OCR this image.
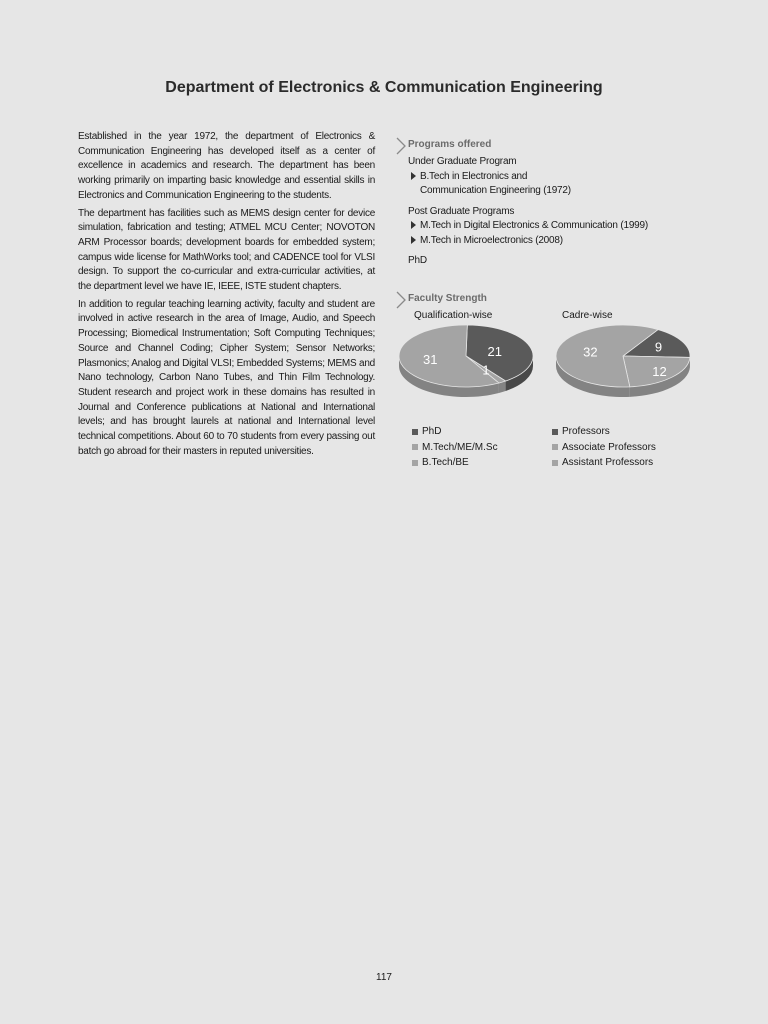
Department of Electronics & Communication Engineering

Established in the year 1972, the department of Electronics & Communication Engineering has developed itself as a center of excellence in academics and research. The department has been working primarily on imparting basic knowledge and essential skills in Electronics and Communication Engineering to the students.

The department has facilities such as MEMS design center for device simulation, fabrication and testing; ATMEL MCU Center; NOVOTON ARM Processor boards; development boards for embedded system; campus wide license for MathWorks tool; and CADENCE tool for VLSI design. To support the co-curricular and extra-curricular activities, at the department level we have IE, IEEE, ISTE student chapters.

In addition to regular teaching learning activity, faculty and student are involved in active research in the area of Image, Audio, and Speech Processing; Biomedical Instrumentation; Soft Computing Techniques; Source and Channel Coding; Cipher System; Sensor Networks; Plasmonics; Analog and Digital VLSI; Embedded Systems; MEMS and Nano technology, Carbon Nano Tubes, and Thin Film Technology. Student research and project work in these domains has resulted in Journal and Conference publications at National and International levels; and has brought laurels at national and International level technical competitions. About 60 to 70 students from every passing out batch go abroad for their masters in reputed universities.

Programs offered
Under Graduate Program
B.Tech in Electronics and
Communication Engineering (1972)
Post Graduate Programs
M.Tech in Digital Electronics & Communication (1999)
M.Tech in Microelectronics (2008)
PhD
Faculty Strength
Qualification-wise	Cadre-wise
21
1
31
9
12
32
PhD
M.Tech/ME/M.Sc
B.Tech/BE
Professors
Associate Professors
Assistant Professors
117
